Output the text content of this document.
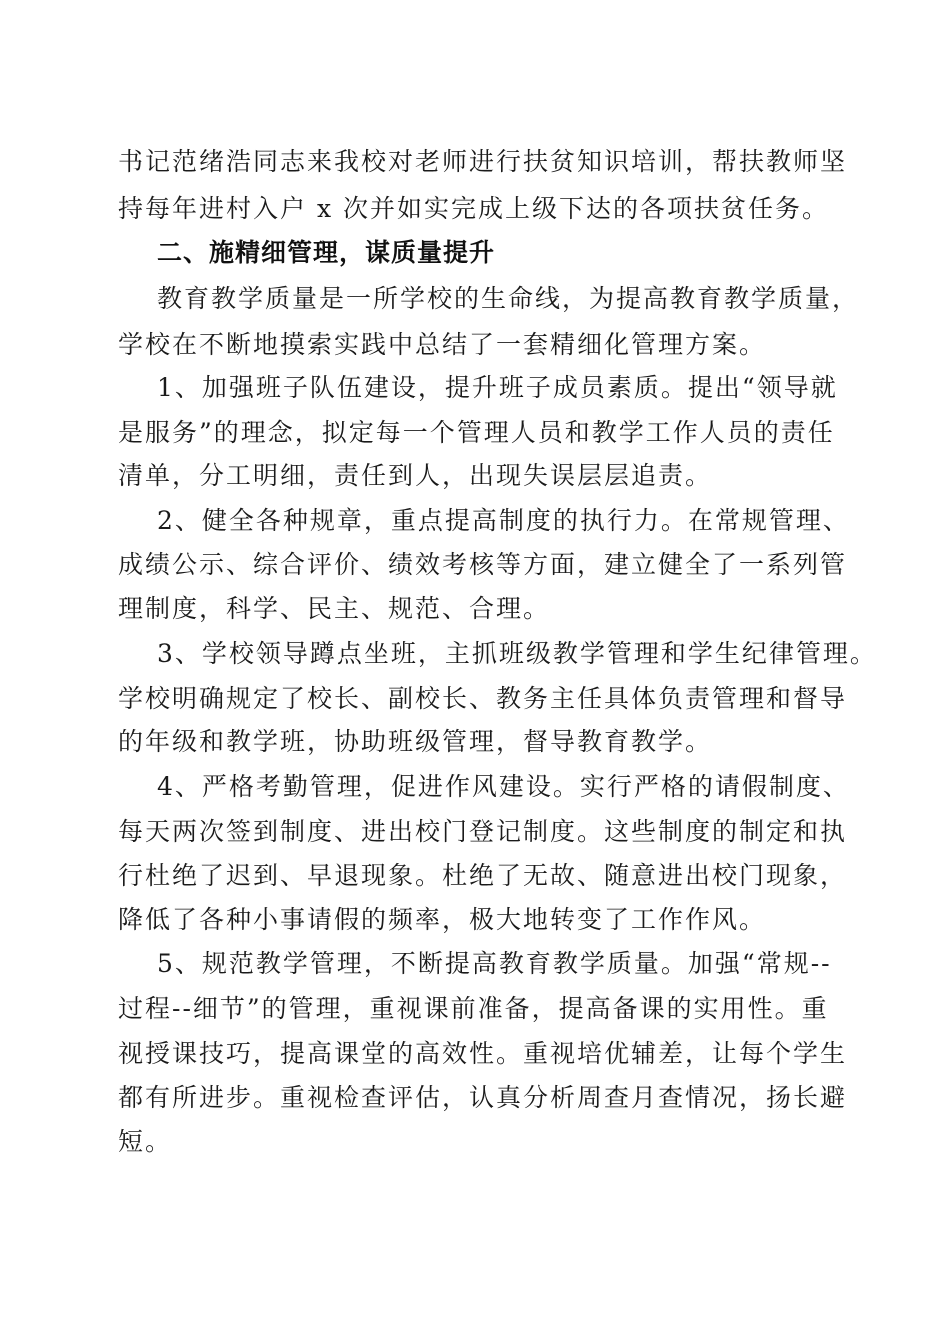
书记范绪浩同志来我校对老师进行扶贫知识培训，帮扶教师坚
持每年进村入户 x 次并如实完成上级下达的各项扶贫任务。
二、施精细管理，谋质量提升
教育教学质量是一所学校的生命线，为提高教育教学质量，
学校在不断地摸索实践中总结了一套精细化管理方案。
1、加强班子队伍建设，提升班子成员素质。提出“领导就
是服务”的理念，拟定每一个管理人员和教学工作人员的责任
清单，分工明细，责任到人，出现失误层层追责。
2、健全各种规章，重点提高制度的执行力。在常规管理、
成绩公示、综合评价、绩效考核等方面，建立健全了一系列管
理制度，科学、民主、规范、合理。
3、学校领导蹲点坐班，主抓班级教学管理和学生纪律管理。
学校明确规定了校长、副校长、教务主任具体负责管理和督导
的年级和教学班，协助班级管理，督导教育教学。
4、严格考勤管理，促进作风建设。实行严格的请假制度、
每天两次签到制度、进出校门登记制度。这些制度的制定和执
行杜绝了迟到、早退现象。杜绝了无故、随意进出校门现象，
降低了各种小事请假的频率，极大地转变了工作作风。
5、规范教学管理，不断提高教育教学质量。加强“常规--
过程--细节”的管理，重视课前准备，提高备课的实用性。重
视授课技巧，提高课堂的高效性。重视培优辅差，让每个学生
都有所进步。重视检查评估，认真分析周查月查情况，扬长避
短。
